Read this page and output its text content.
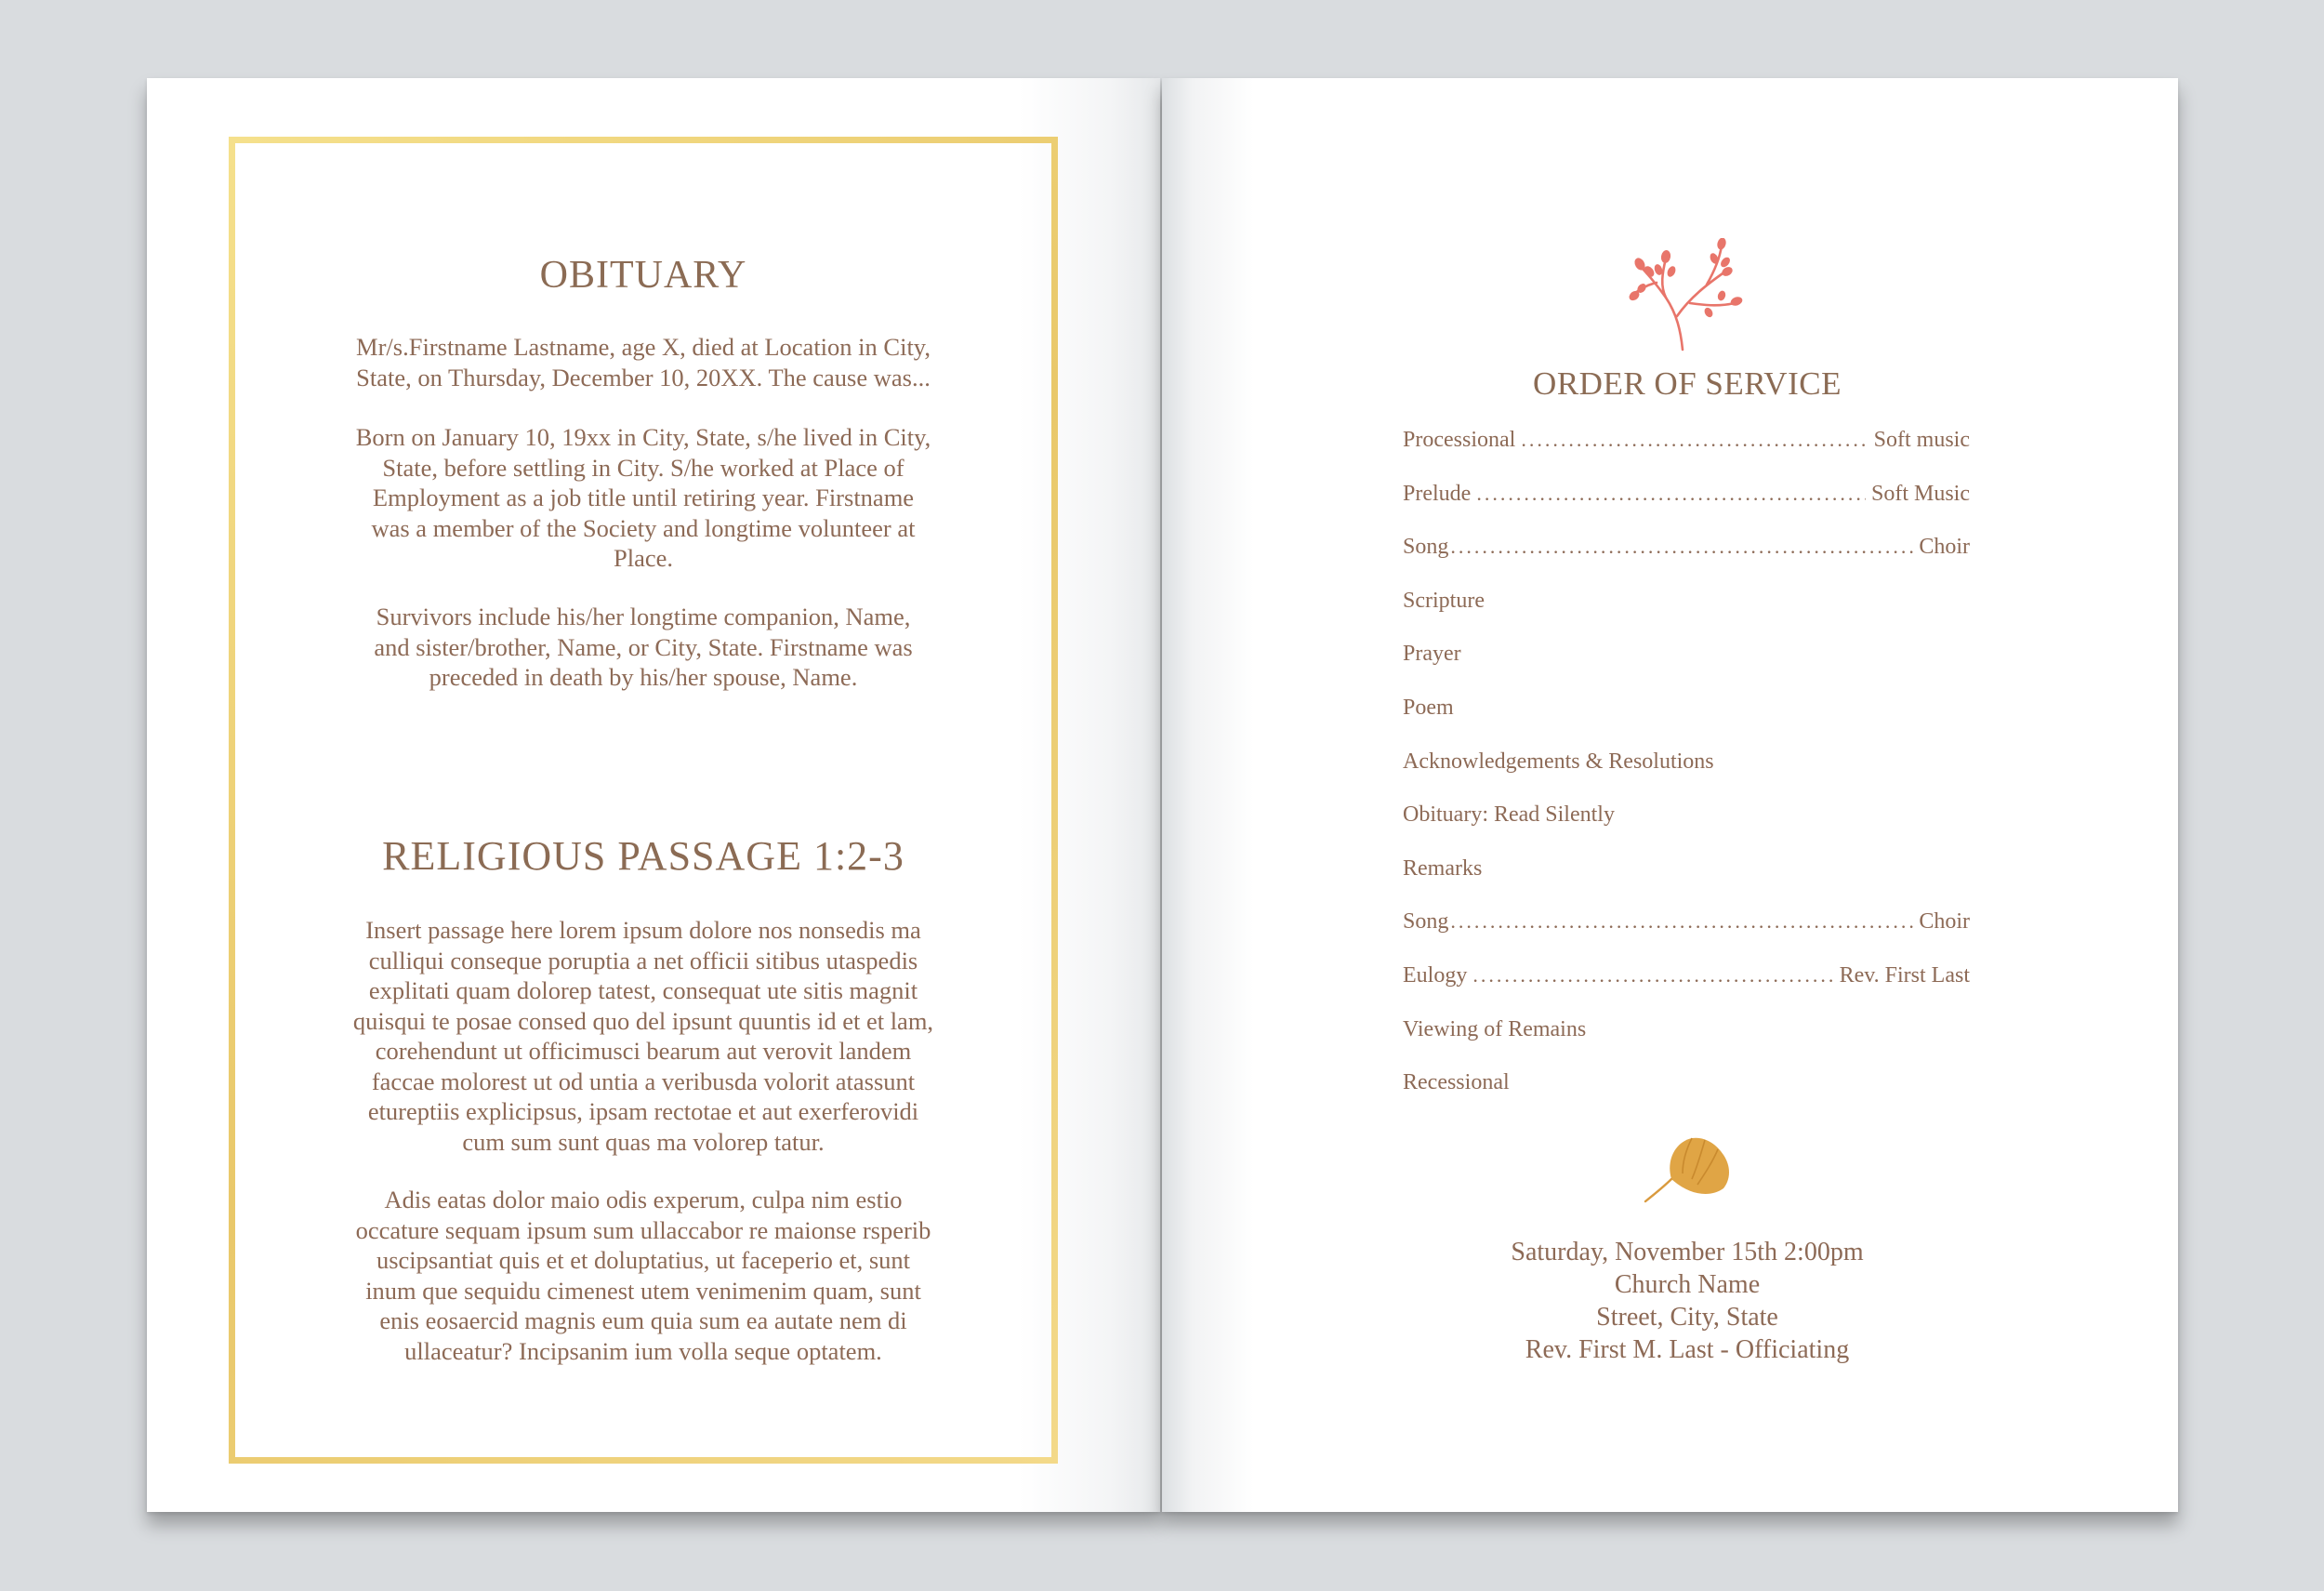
OBITUARY
Mr/s.Firstname Lastname, age X, died at Location in City,
State, on Thursday, December 10, 20XX. The cause was...
Born on January 10, 19xx in City, State, s/he lived in City,
State, before settling in City. S/he worked at Place of
Employment as a job title until retiring year. Firstname
was a member of the Society and longtime volunteer at
Place.
Survivors include his/her longtime companion, Name,
and sister/brother, Name, or City, State. Firstname was
preceded in death by his/her spouse, Name.
RELIGIOUS PASSAGE 1:2-3
Insert passage here lorem ipsum dolore nos nonsedis ma
culliqui conseque poruptia a net officii sitibus utaspedis
explitati quam dolorep tatest, consequat ute sitis magnit
quisqui te posae consed quo del ipsunt quuntis id et et lam,
corehendunt ut officimusci bearum aut verovit landem
faccae molorest ut od untia a veribusda volorit atassunt
etureptiis explicipsus, ipsam rectotae et aut exerferovidi
cum sum sunt quas ma volorep tatur.
Adis eatas dolor maio odis experum, culpa nim estio
occature sequam ipsum sum ullaccabor re maionse rsperib
uscipsantiat quis et et doluptatius, ut faceperio et, sunt
inum que sequidu cimenest utem venimenim quam, sunt
enis eosaercid magnis eum quia sum ea autate nem di
ullaceatur? Incipsanim ium volla seque optatem.
ORDER OF SERVICE
Processional .....	Soft music
Prelude .....	Soft Music
Song .....	Choir
Scripture
Prayer
Poem
Acknowledgements & Resolutions
Obituary: Read Silently
Remarks
Song .....	Choir
Eulogy .....	Rev. First Last
Viewing of Remains
Recessional
Saturday, November 15th 2:00pm
Church Name
Street, City, State
Rev. First M. Last - Officiating
